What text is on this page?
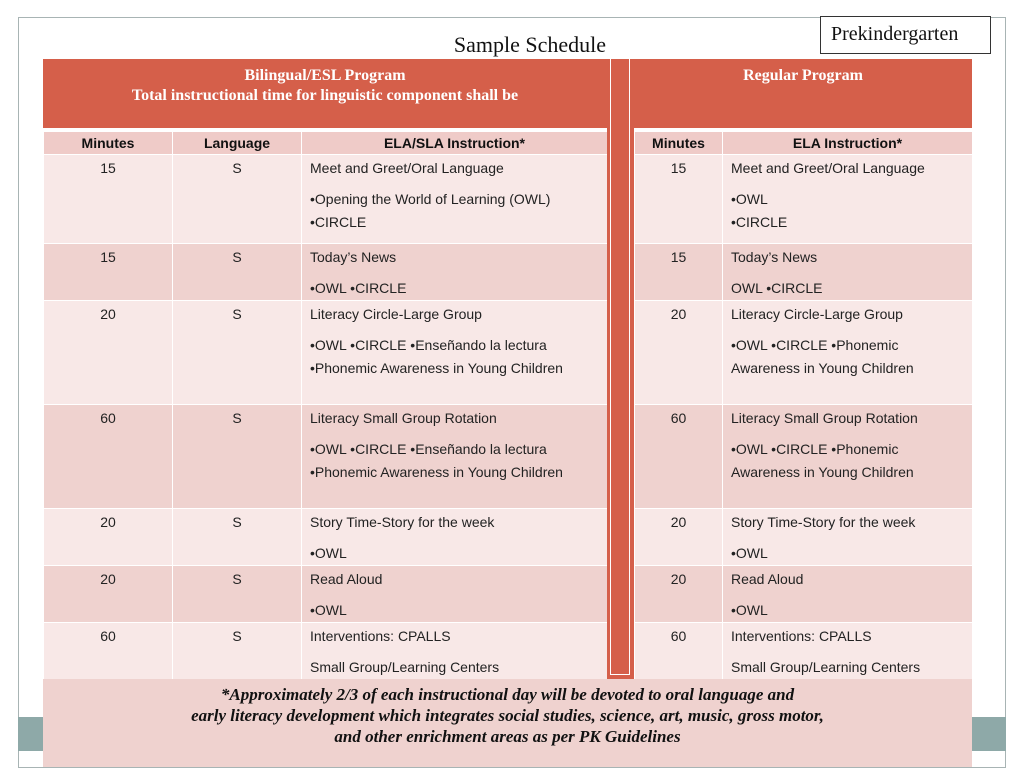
Sample Schedule	Prekindergarten
Bilingual/ESL Program
Total instructional time for linguistic component shall be
Minutes	Language	ELA/SLA Instruction*
15	S	Meet and Greet/Oral Language
•Opening the World of Learning (OWL)
•CIRCLE

15	S	Today’s News
•OWL •CIRCLE

20	S	Literacy Circle-Large Group
•OWL •CIRCLE •Enseñando la lectura •Phonemic Awareness in Young Children

60	S	Literacy Small Group Rotation
•OWL •CIRCLE •Enseñando la lectura •Phonemic Awareness in Young Children

20	S	Story Time-Story for the week
•OWL

20	S	Read Aloud
•OWL

60	S	Interventions: CPALLS
Small Group/Learning Centers
Regular Program
Minutes	ELA Instruction*
15	Meet and Greet/Oral Language
•OWL
•CIRCLE

15	Today’s News
OWL •CIRCLE

20	Literacy Circle-Large Group
•OWL •CIRCLE •Phonemic Awareness in Young Children

60	Literacy Small Group Rotation
•OWL •CIRCLE •Phonemic Awareness in Young Children

20	Story Time-Story for the week
•OWL

20	Read Aloud
•OWL

60	Interventions: CPALLS
Small Group/Learning Centers
*Approximately 2/3 of each instructional day will be devoted to oral language and
early literacy development which integrates social studies, science, art, music, gross motor,
and other enrichment areas as per PK Guidelines
